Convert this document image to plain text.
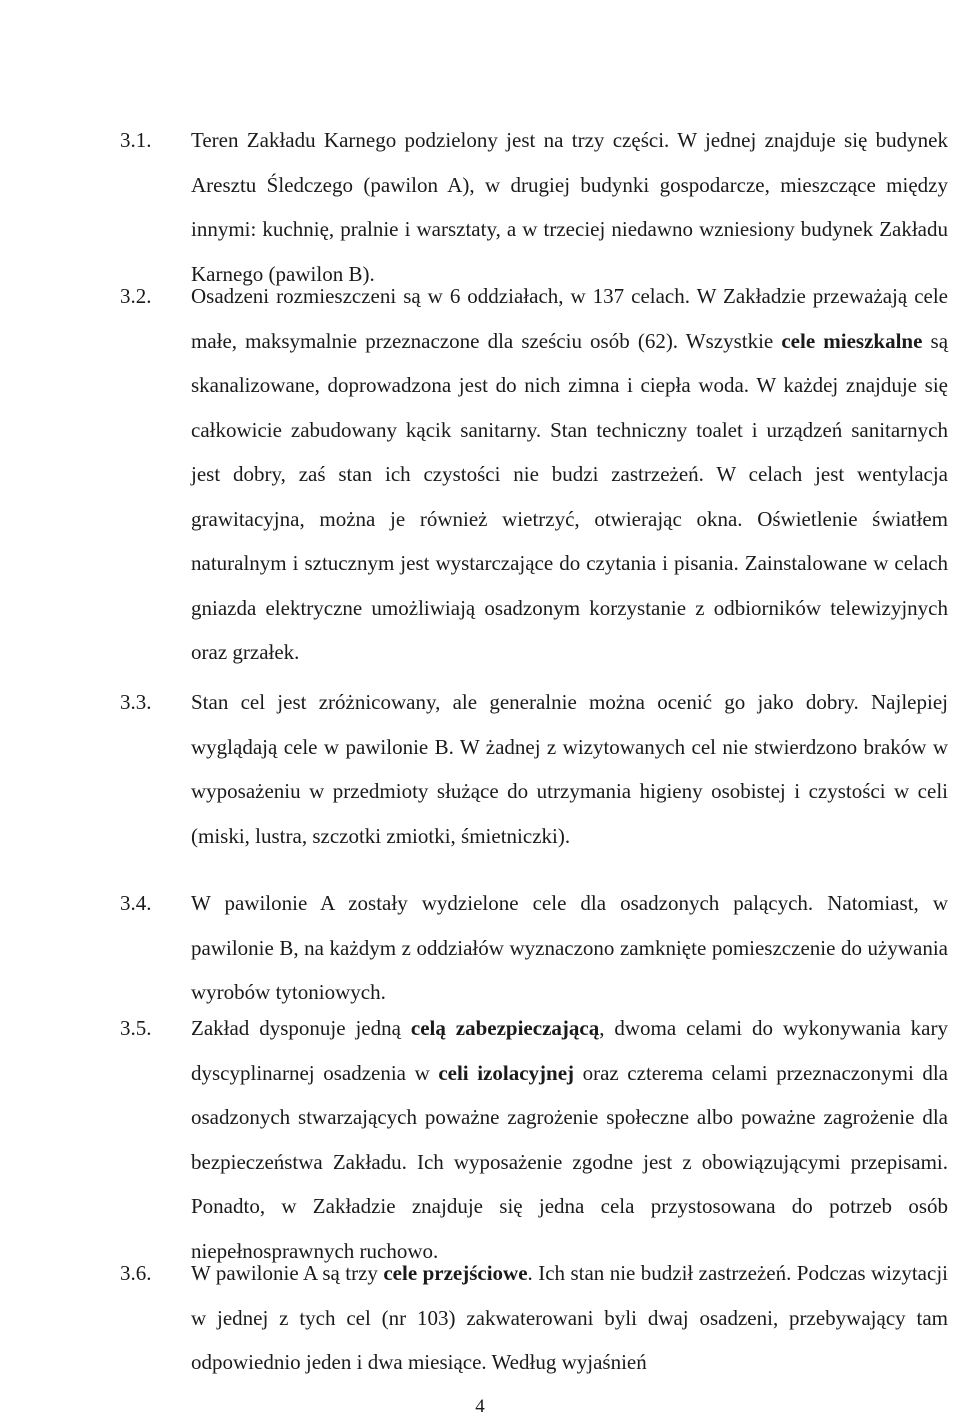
3.1.	Teren Zakładu Karnego podzielony jest na trzy części. W jednej znajduje się budynek Aresztu Śledczego (pawilon A), w drugiej budynki gospodarcze, mieszczące między innymi: kuchnię, pralnie i warsztaty, a w trzeciej niedawno wzniesiony budynek Zakładu Karnego (pawilon B).
3.2.	Osadzeni rozmieszczeni są w 6 oddziałach, w 137 celach. W Zakładzie przeważają cele małe, maksymalnie przeznaczone dla sześciu osób (62). Wszystkie cele mieszkalne są skanalizowane, doprowadzona jest do nich zimna i ciepła woda. W każdej znajduje się całkowicie zabudowany kącik sanitarny. Stan techniczny toalet i urządzeń sanitarnych jest dobry, zaś stan ich czystości nie budzi zastrzeżeń. W celach jest wentylacja grawitacyjna, można je również wietrzyć, otwierając okna. Oświetlenie światłem naturalnym i sztucznym jest wystarczające do czytania i pisania. Zainstalowane w celach gniazda elektryczne umożliwiają osadzonym korzystanie z odbiorników telewizyjnych oraz grzałek.
3.3.	Stan cel jest zróżnicowany, ale generalnie można ocenić go jako dobry. Najlepiej wyglądają cele w pawilonie B. W żadnej z wizytowanych cel nie stwierdzono braków w wyposażeniu w przedmioty służące do utrzymania higieny osobistej i czystości w celi (miski, lustra, szczotki zmiotki, śmietniczki).
3.4.	W pawilonie A zostały wydzielone cele dla osadzonych palących. Natomiast, w pawilonie B, na każdym z oddziałów wyznaczono zamknięte pomieszczenie do używania wyrobów tytoniowych.
3.5.	Zakład dysponuje jedną celą zabezpieczającą, dwoma celami do wykonywania kary dyscyplinarnej osadzenia w celi izolacyjnej oraz czterema celami przeznaczonymi dla osadzonych stwarzających poważne zagrożenie społeczne albo poważne zagrożenie dla bezpieczeństwa Zakładu. Ich wyposażenie zgodne jest z obowiązującymi przepisami. Ponadto, w Zakładzie znajduje się jedna cela przystosowana do potrzeb osób niepełnosprawnych ruchowo.
3.6.	W pawilonie A są trzy cele przejściowe. Ich stan nie budził zastrzeżeń. Podczas wizytacji w jednej z tych cel (nr 103) zakwaterowani byli dwaj osadzeni, przebywający tam odpowiednio jeden i dwa miesiące. Według wyjaśnień
4
